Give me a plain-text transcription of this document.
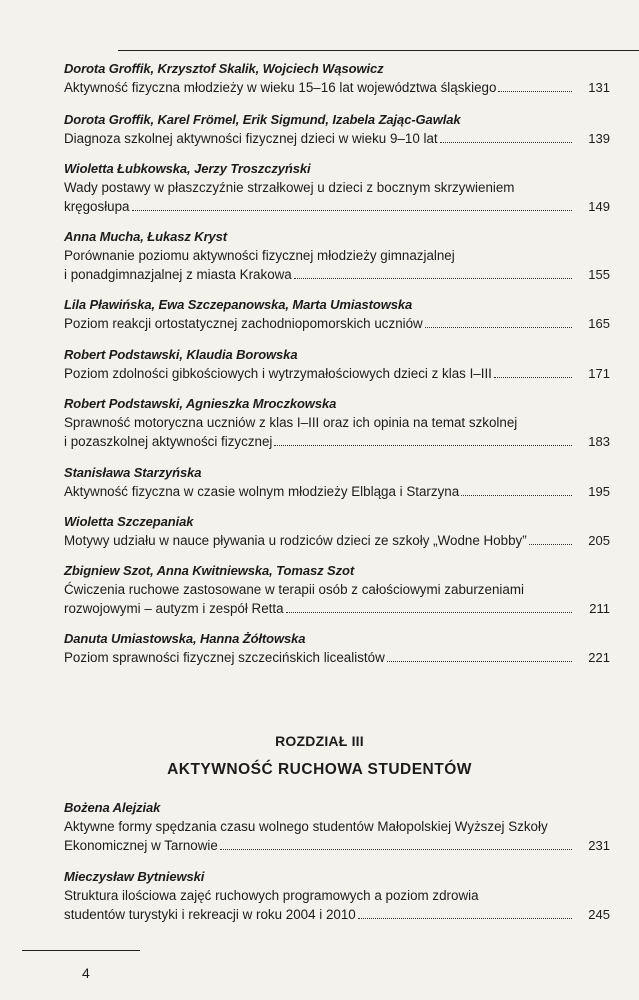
Dorota Groffik, Krzysztof Skalik, Wojciech Wąsowicz
Aktywność fizyczna młodzieży w wieku 15–16 lat województwa śląskiego	131
Dorota Groffik, Karel Frömel, Erik Sigmund, Izabela Zając-Gawlak
Diagnoza szkolnej aktywności fizycznej dzieci w wieku 9–10 lat	139
Wioletta Łubkowska, Jerzy Troszczyński
Wady postawy w płaszczyźnie strzałkowej u dzieci z bocznym skrzywieniem
kręgosłupa	149
Anna Mucha, Łukasz Kryst
Porównanie poziomu aktywności fizycznej młodzieży gimnazjalnej
i ponadgimnazjalnej z miasta Krakowa	155
Lila Pławińska, Ewa Szczepanowska, Marta Umiastowska
Poziom reakcji ortostatycznej zachodniopomorskich uczniów	165
Robert Podstawski, Klaudia Borowska
Poziom zdolności gibkościowych i wytrzymałościowych dzieci z klas I–III	171
Robert Podstawski, Agnieszka Mroczkowska
Sprawność motoryczna uczniów z klas I–III oraz ich opinia na temat szkolnej
i pozaszkolnej aktywności fizycznej	183
Stanisława Starzyńska
Aktywność fizyczna w czasie wolnym młodzieży Elbląga i Starzyna	195
Wioletta Szczepaniak
Motywy udziału w nauce pływania u rodziców dzieci ze szkoły „Wodne Hobby”	205
Zbigniew Szot, Anna Kwitniewska, Tomasz Szot
Ćwiczenia ruchowe zastosowane w terapii osób z całościowymi zaburzeniami
rozwojowymi – autyzm i zespół Retta	211
Danuta Umiastowska, Hanna Żółtowska
Poziom sprawności fizycznej szczecińskich licealistów	221
ROZDZIAŁ III
AKTYWNOŚĆ RUCHOWA STUDENTÓW
Bożena Alejziak
Aktywne formy spędzania czasu wolnego studentów Małopolskiej Wyższej Szkoły
Ekonomicznej w Tarnowie	231
Mieczysław Bytniewski
Struktura ilościowa zajęć ruchowych programowych a poziom zdrowia
studentów turystyki i rekreacji w roku 2004 i 2010	245
4
